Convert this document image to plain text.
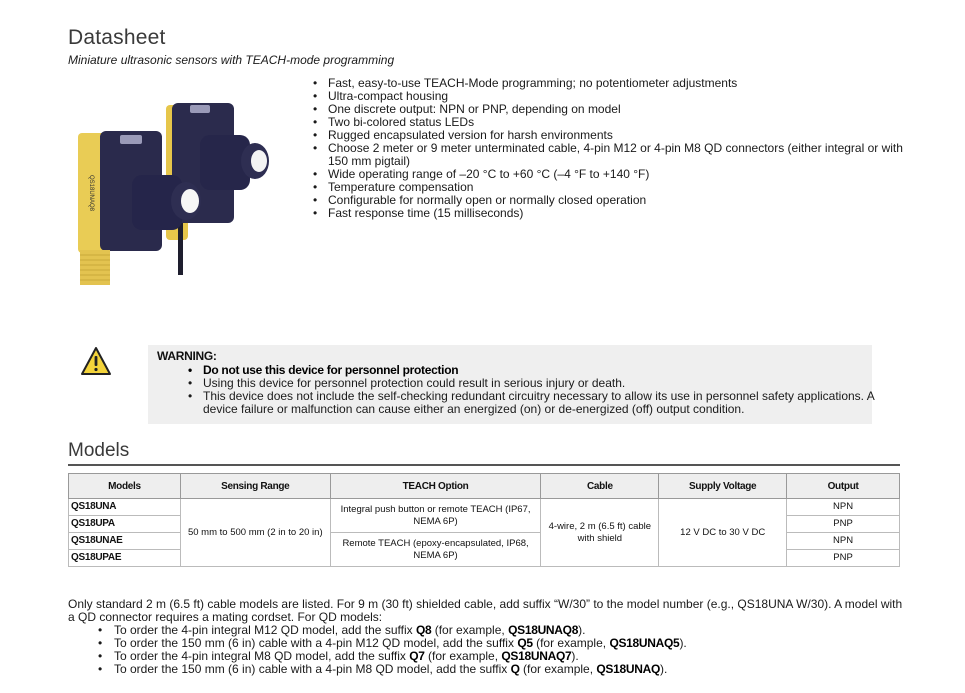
Datasheet
Miniature ultrasonic sensors with TEACH-mode programming
QS18UNAQ8
• Fast, easy-to-use TEACH-Mode programming; no potentiometer adjustments
• Ultra-compact housing
• One discrete output: NPN or PNP, depending on model
• Two bi-colored status LEDs
• Rugged encapsulated version for harsh environments
• Choose 2 meter or 9 meter unterminated cable, 4-pin M12 or 4-pin M8 QD connectors (either integral or with 150 mm pigtail)
• Wide operating range of –20 °C to +60 °C (–4 °F to +140 °F)
• Temperature compensation
• Configurable for normally open or normally closed operation
• Fast response time (15 milliseconds)
WARNING:
• Do not use this device for personnel protection
• Using this device for personnel protection could result in serious injury or death.
• This device does not include the self-checking redundant circuitry necessary to allow its use in personnel safety applications. A device failure or malfunction can cause either an energized (on) or de-energized (off) output condition.
Models
Models	Sensing Range	TEACH Option	Cable	Supply Voltage	Output
QS18UNA	50 mm to 500 mm (2 in to 20 in)	Integral push button or remote TEACH (IP67, NEMA 6P)	4-wire, 2 m (6.5 ft) cable with shield	12 V DC to 30 V DC	NPN
QS18UPA					PNP
QS18UNAE		Remote TEACH (epoxy-encapsulated, IP68, NEMA 6P)			NPN
QS18UPAE					PNP
Only standard 2 m (6.5 ft) cable models are listed. For 9 m (30 ft) shielded cable, add suffix “W/30” to the model number (e.g., QS18UNA W/30). A model with a QD connector requires a mating cordset. For QD models:
• To order the 4-pin integral M12 QD model, add the suffix Q8 (for example, QS18UNAQ8).
• To order the 150 mm (6 in) cable with a 4-pin M12 QD model, add the suffix Q5 (for example, QS18UNAQ5).
• To order the 4-pin integral M8 QD model, add the suffix Q7 (for example, QS18UNAQ7).
• To order the 150 mm (6 in) cable with a 4-pin M8 QD model, add the suffix Q (for example, QS18UNAQ).
